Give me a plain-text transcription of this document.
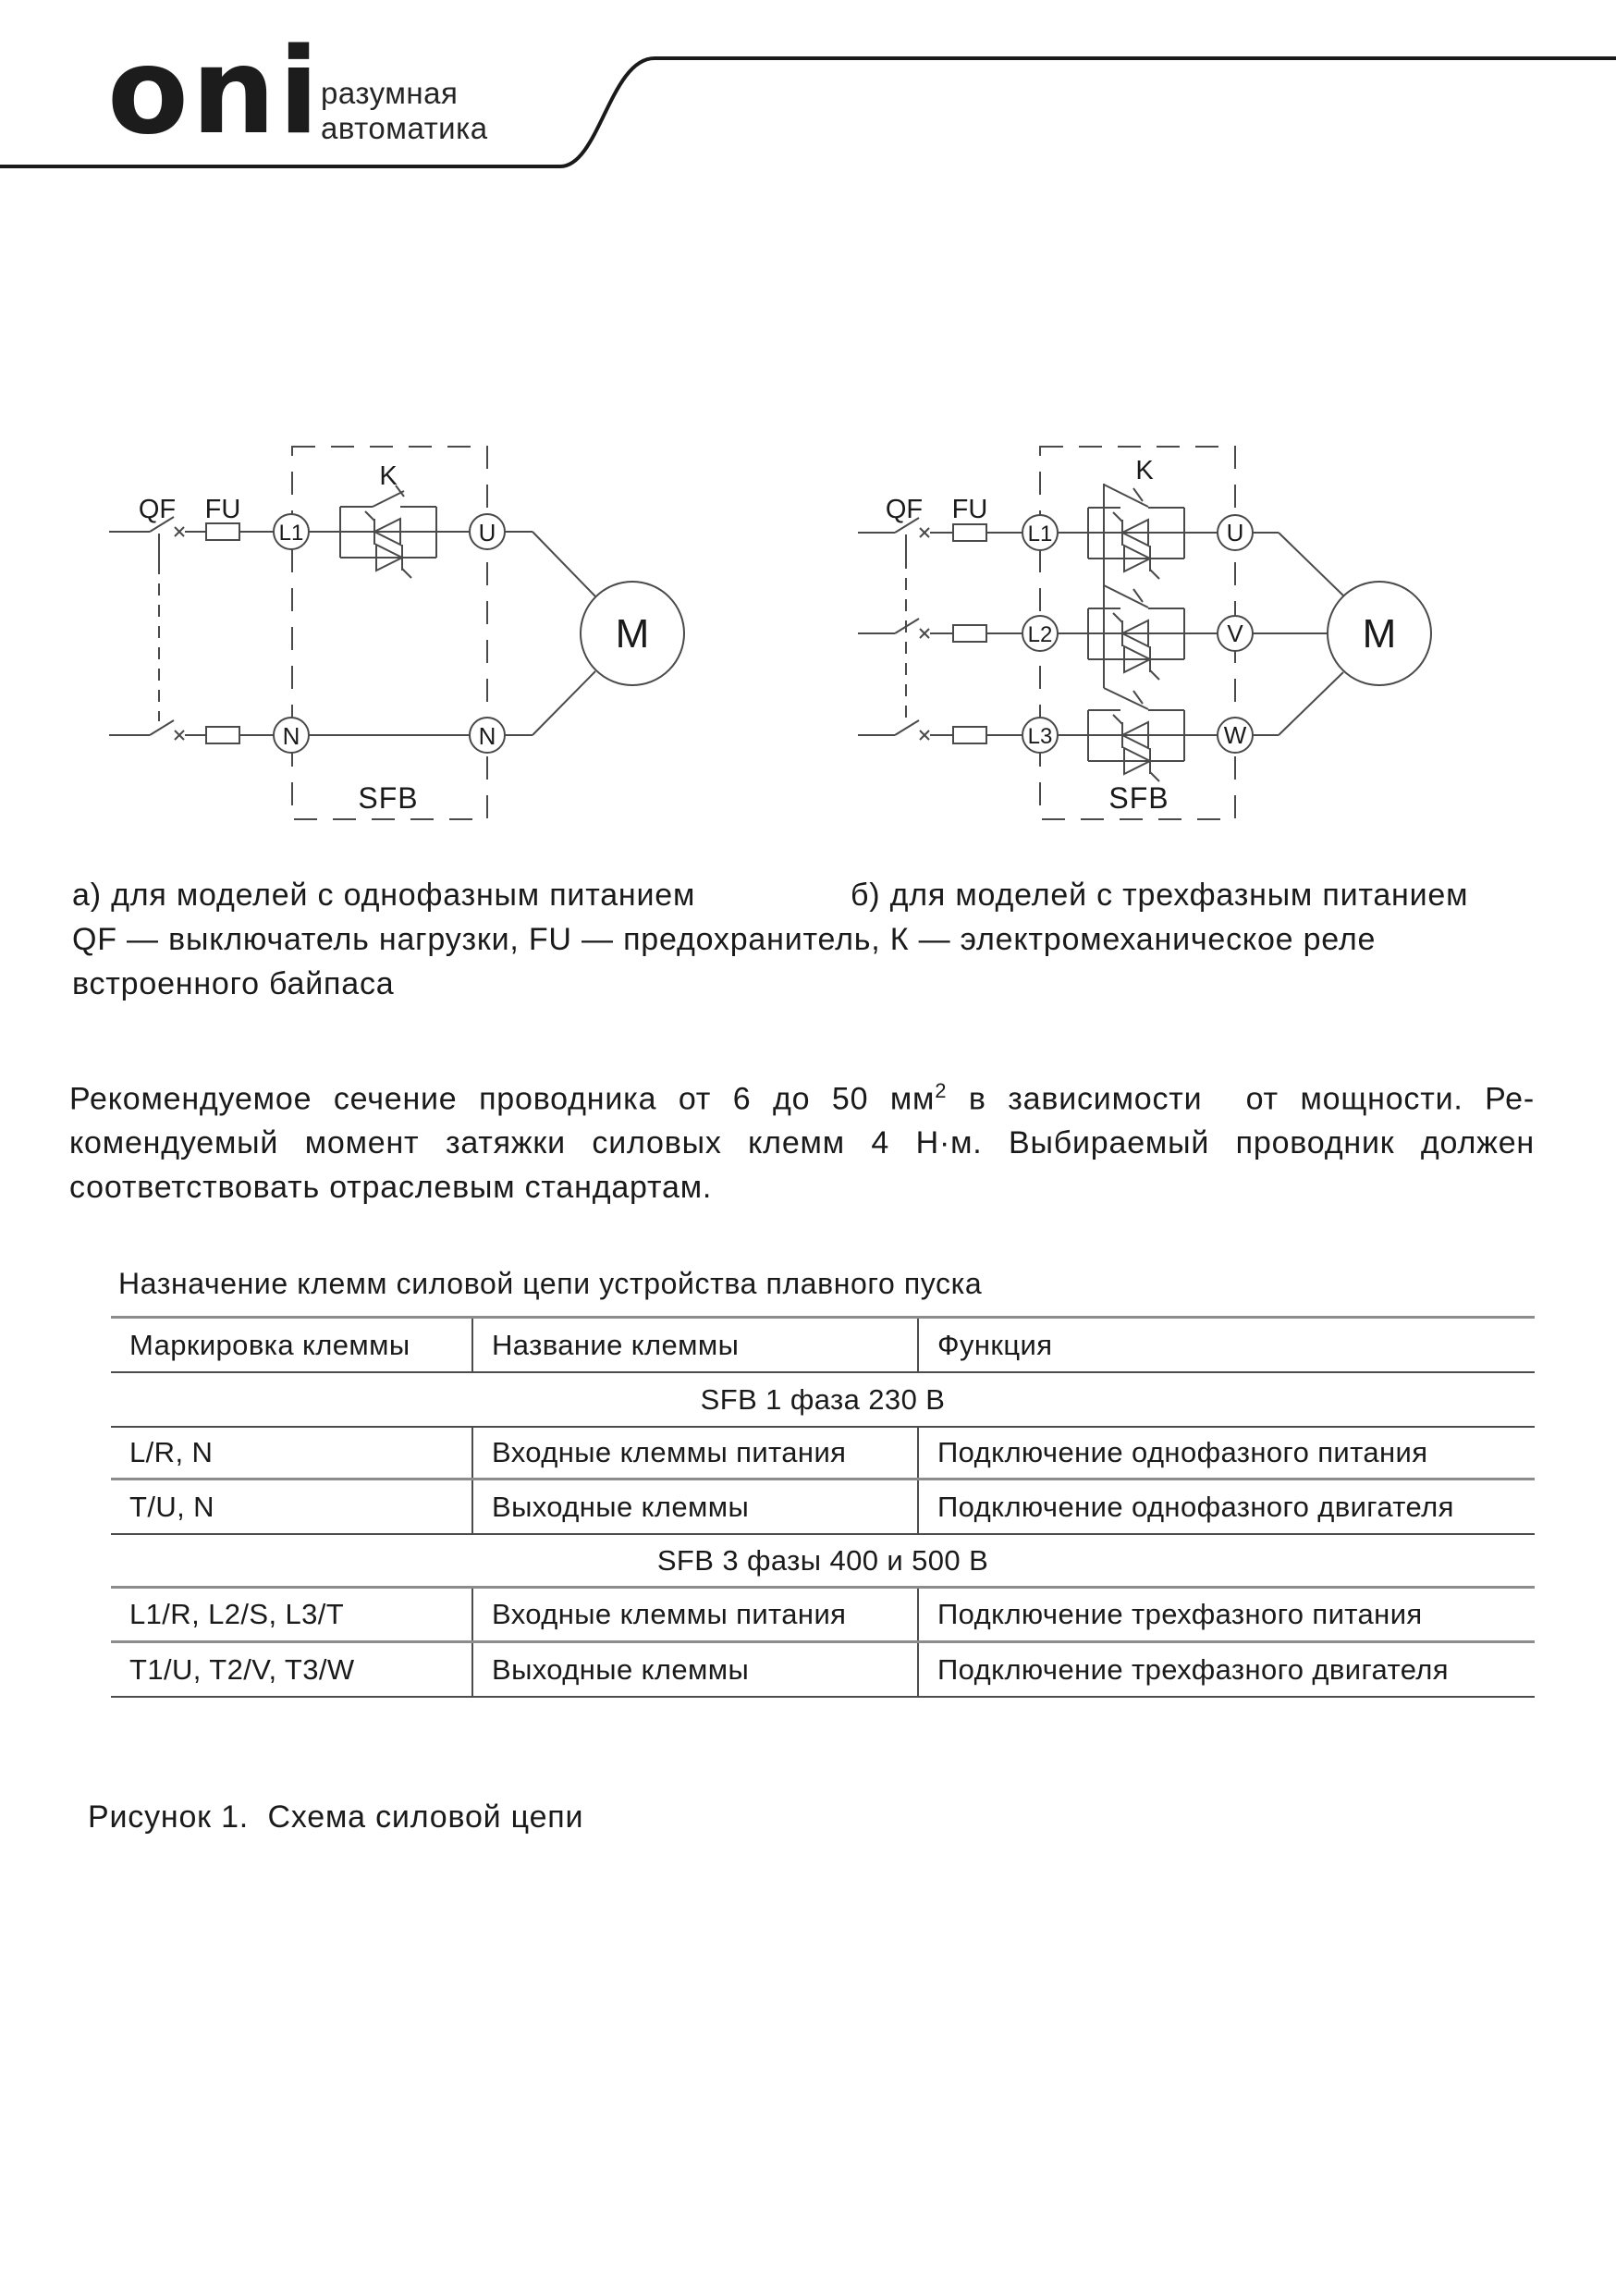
oni разумная
автоматика
QF FU
K
L1	U
N	N
M
SFB
QF FU
K
L1
L2
L3
U
V
W
M
SFB
а) для моделей с однофазным питанием	б) для моделей с трехфазным питанием
QF — выключатель нагрузки, FU — предохранитель, К — электромеханическое реле
встроенного байпаса
Рекомендуемое сечение проводника от 6 до 50 $мм^2$ в зависимости  от мощности. Ре-
комендуемый момент затяжки силовых клемм 4 Н·м. Выбираемый проводник должен
соответствовать отраслевым стандартам.
Назначение клемм силовой цепи устройства плавного пуска
Маркировка клеммы	Название клеммы	Функция
SFB 1 фаза 230 В
L/R, N	Входные клеммы питания	Подключение однофазного питания
T/U, N	Выходные клеммы	Подключение однофазного двигателя
SFB 3 фазы 400 и 500 В
L1/R, L2/S, L3/T	Входные клеммы питания	Подключение трехфазного питания
T1/U, T2/V, T3/W	Выходные клеммы	Подключение трехфазного двигателя
Рисунок 1.  Схема силовой цепи
